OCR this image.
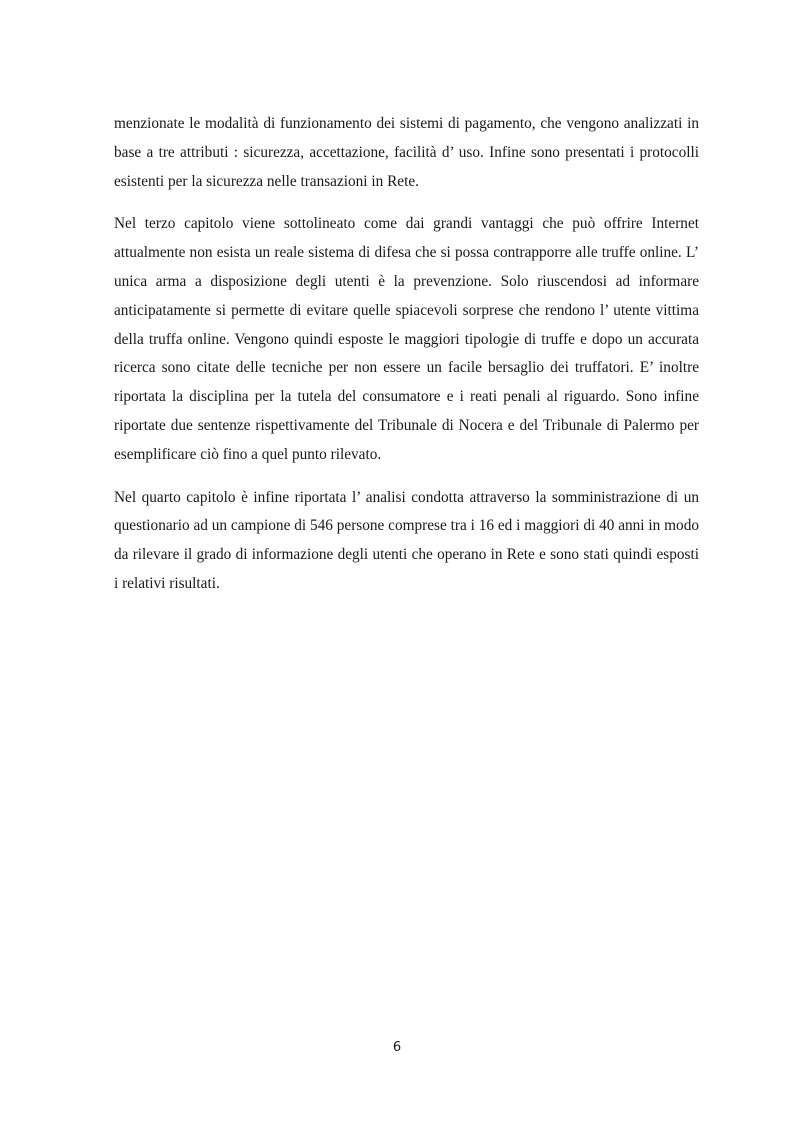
menzionate le modalità di funzionamento dei sistemi di pagamento, che vengono analizzati in base a tre attributi : sicurezza, accettazione, facilità d’ uso. Infine sono presentati i protocolli esistenti per la sicurezza nelle transazioni in Rete.

Nel terzo capitolo viene sottolineato come dai grandi vantaggi che può offrire Internet attualmente non esista un reale sistema di difesa che si possa contrapporre alle truffe online. L’ unica arma a disposizione degli utenti è la prevenzione. Solo riuscendosi ad informare anticipatamente si permette di evitare quelle spiacevoli sorprese che rendono l’ utente vittima della truffa online. Vengono quindi esposte le maggiori tipologie di truffe e dopo un accurata ricerca sono citate delle tecniche per non essere un facile bersaglio dei truffatori. E’ inoltre riportata la disciplina per la tutela del consumatore e i reati penali al riguardo. Sono infine riportate due sentenze rispettivamente del Tribunale di Nocera e del Tribunale di Palermo per esemplificare ciò fino a quel punto rilevato.

Nel quarto capitolo è infine riportata l’ analisi condotta attraverso la somministrazione di un questionario ad un campione di 546 persone comprese tra i 16 ed i maggiori di 40 anni in modo da rilevare il grado di informazione degli utenti che operano in Rete e sono stati quindi esposti i relativi risultati.

6
